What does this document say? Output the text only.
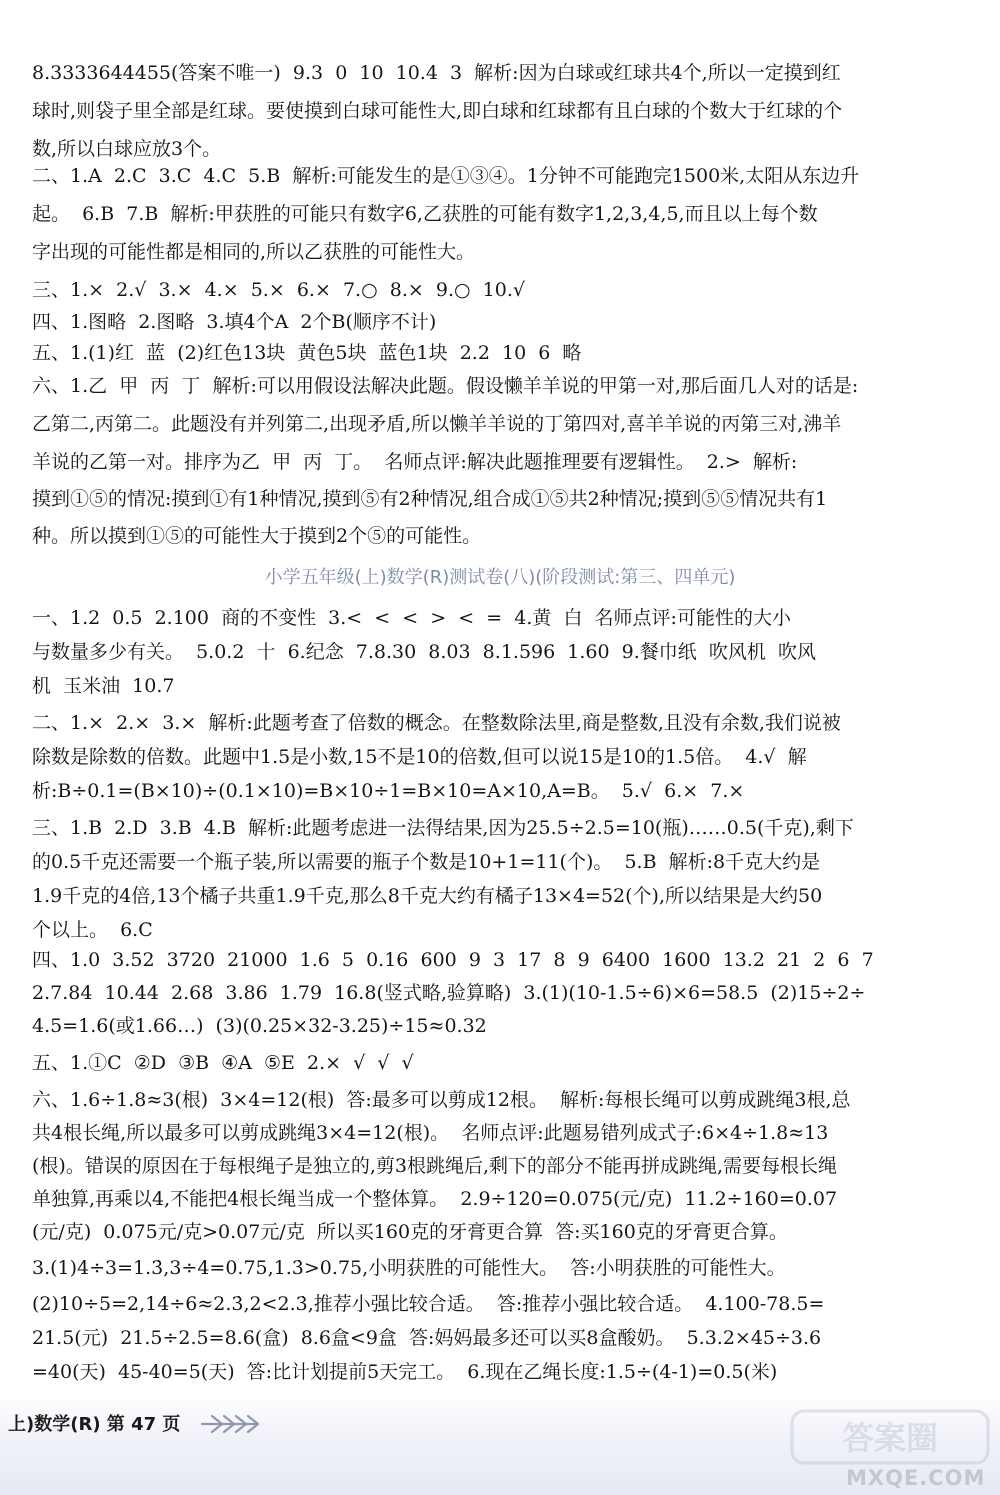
8.3333644455(答案不唯一)  9.3  0  10  10.4  3  解析:因为白球或红球共4个,所以一定摸到红
球时,则袋子里全部是红球。要使摸到白球可能性大,即白球和红球都有且白球的个数大于红球的个
数,所以白球应放3个。
二、1.A  2.C  3.C  4.C  5.B  解析:可能发生的是①③④。1分钟不可能跑完1500米,太阳从东边升
起。  6.B  7.B  解析:甲获胜的可能只有数字6,乙获胜的可能有数字1,2,3,4,5,而且以上每个数
字出现的可能性都是相同的,所以乙获胜的可能性大。
三、1.×  2.√  3.×  4.×  5.×  6.×  7.○  8.×  9.○  10.√
四、1.图略  2.图略  3.填4个A  2个B(顺序不计)
五、1.(1)红  蓝  (2)红色13块  黄色5块  蓝色1块  2.2  10  6  略
六、1.乙  甲  丙  丁  解析:可以用假设法解决此题。假设懒羊羊说的甲第一对,那后面几人对的话是:
乙第二,丙第二。此题没有并列第二,出现矛盾,所以懒羊羊说的丁第四对,喜羊羊说的丙第三对,沸羊
羊说的乙第一对。排序为乙  甲  丙  丁。  名师点评:解决此题推理要有逻辑性。  2.>  解析:
摸到①⑤的情况:摸到①有1种情况,摸到⑤有2种情况,组合成①⑤共2种情况;摸到⑤⑤情况共有1
种。所以摸到①⑤的可能性大于摸到2个⑤的可能性。
小学五年级(上)数学(R)测试卷(八)(阶段测试:第三、四单元)
一、1.2  0.5  2.100  商的不变性  3.<  <  <  >  <  =  4.黄  白  名师点评:可能性的大小
与数量多少有关。  5.0.2  十  6.纪念  7.8.30  8.03  8.1.596  1.60  9.餐巾纸  吹风机  吹风
机  玉米油  10.7
二、1.×  2.×  3.×  解析:此题考查了倍数的概念。在整数除法里,商是整数,且没有余数,我们说被
除数是除数的倍数。此题中1.5是小数,15不是10的倍数,但可以说15是10的1.5倍。  4.√  解
析:B÷0.1=(B×10)÷(0.1×10)=B×10÷1=B×10=A×10,A=B。  5.√  6.×  7.×
三、1.B  2.D  3.B  4.B  解析:此题考虑进一法得结果,因为25.5÷2.5=10(瓶)……0.5(千克),剩下
的0.5千克还需要一个瓶子装,所以需要的瓶子个数是10+1=11(个)。  5.B  解析:8千克大约是
1.9千克的4倍,13个橘子共重1.9千克,那么8千克大约有橘子13×4=52(个),所以结果是大约50
个以上。  6.C
四、1.0  3.52  3720  21000  1.6  5  0.16  600  9  3  17  8  9  6400  1600  13.2  21  2  6  7
2.7.84  10.44  2.68  3.86  1.79  16.8(竖式略,验算略)  3.(1)(10-1.5÷6)×6=58.5  (2)15÷2÷
4.5=1.6(或1.66…)  (3)(0.25×32-3.25)÷15≈0.32
五、1.①C  ②D  ③B  ④A  ⑤E  2.×  √  √  √
六、1.6÷1.8≈3(根)  3×4=12(根)  答:最多可以剪成12根。  解析:每根长绳可以剪成跳绳3根,总
共4根长绳,所以最多可以剪成跳绳3×4=12(根)。  名师点评:此题易错列成式子:6×4÷1.8≈13
(根)。错误的原因在于每根绳子是独立的,剪3根跳绳后,剩下的部分不能再拼成跳绳,需要每根长绳
单独算,再乘以4,不能把4根长绳当成一个整体算。  2.9÷120=0.075(元/克)  11.2÷160=0.07
(元/克)  0.075元/克>0.07元/克  所以买160克的牙膏更合算  答:买160克的牙膏更合算。
3.(1)4÷3=1.3̇,3÷4=0.75,1.3̇>0.75,小明获胜的可能性大。  答:小明获胜的可能性大。
(2)10÷5=2,14÷6≈2.3̇,2<2.3̇,推荐小强比较合适。  答:推荐小强比较合适。  4.100-78.5=
21.5(元)  21.5÷2.5=8.6(盒)  8.6盒<9盒  答:妈妈最多还可以买8盒酸奶。  5.3.2×45÷3.6
=40(天)  45-40=5(天)  答:比计划提前5天完工。  6.现在乙绳长度:1.5÷(4-1)=0.5(米)
上)数学(R) 第 47 页	答案圈
MXQE.COM
